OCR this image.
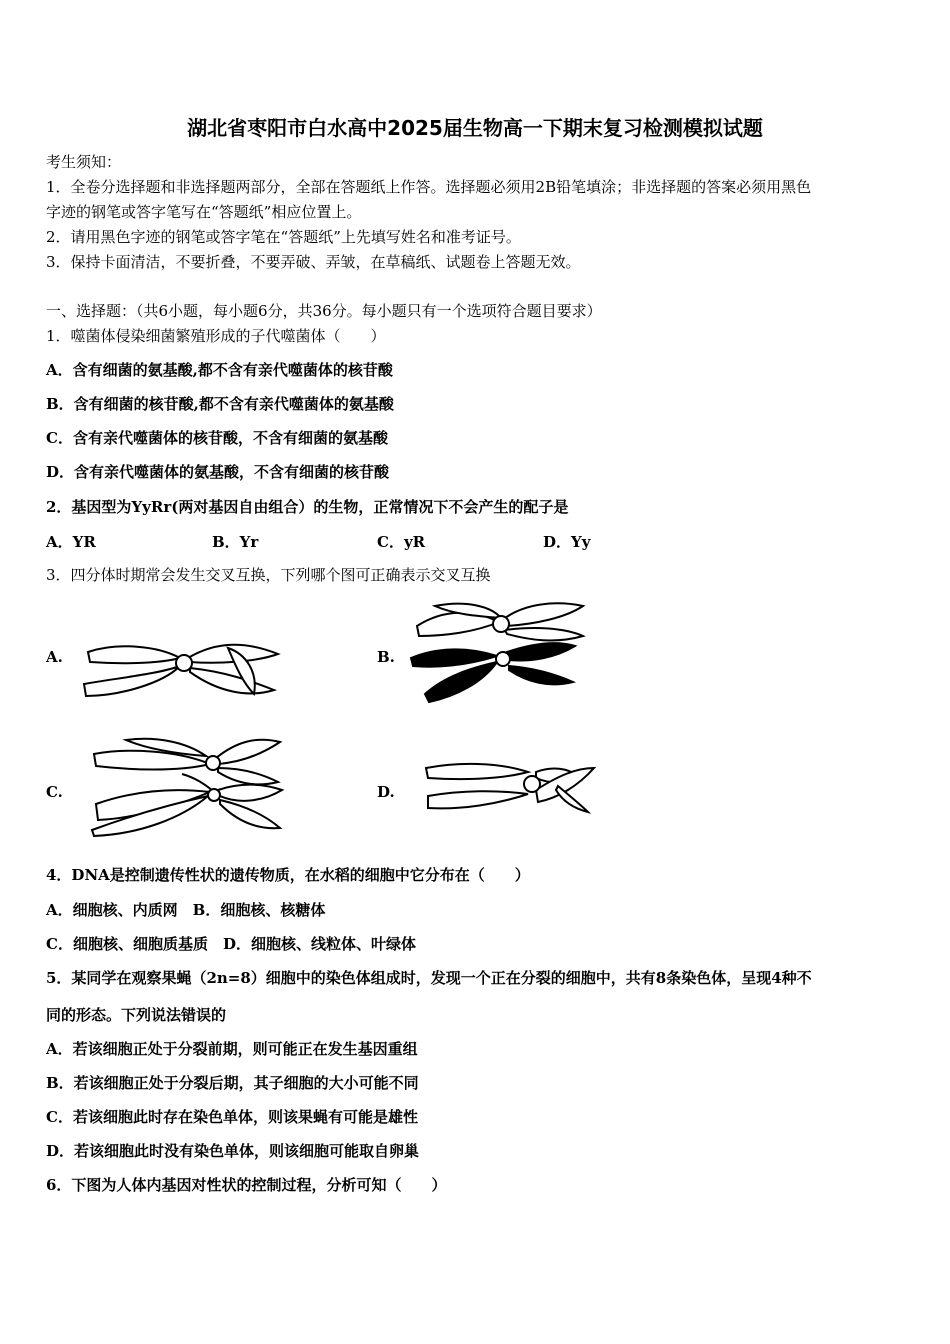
湖北省枣阳市白水高中2025届生物高一下期末复习检测模拟试题
考生须知：
1．全卷分选择题和非选择题两部分，全部在答题纸上作答。选择题必须用2B铅笔填涂；非选择题的答案必须用黑色
字迹的钢笔或答字笔写在“答题纸”相应位置上。
2．请用黑色字迹的钢笔或答字笔在“答题纸”上先填写姓名和准考证号。
3．保持卡面清洁，不要折叠，不要弄破、弄皱，在草稿纸、试题卷上答题无效。
一、选择题：（共6小题，每小题6分，共36分。每小题只有一个选项符合题目要求）
1．噬菌体侵染细菌繁殖形成的子代噬菌体（　　）
A．含有细菌的氨基酸,都不含有亲代噬菌体的核苷酸
B．含有细菌的核苷酸,都不含有亲代噬菌体的氨基酸
C．含有亲代噬菌体的核苷酸，不含有细菌的氨基酸
D．含有亲代噬菌体的氨基酸，不含有细菌的核苷酸
2．基因型为YyRr(两对基因自由组合）的生物，正常情况下不会产生的配子是
A．YR	B．Yr	C．yR	D．Yy
3．四分体时期常会发生交叉互换，下列哪个图可正确表示交叉互换
A.	B.
C.	D.
4．DNA是控制遗传性状的遗传物质，在水稻的细胞中它分布在（　　）
A．细胞核、内质网　B．细胞核、核糖体
C．细胞核、细胞质基质　D．细胞核、线粒体、叶绿体
5．某同学在观察果蝇（2n=8）细胞中的染色体组成时，发现一个正在分裂的细胞中，共有8条染色体，呈现4种不
同的形态。下列说法错误的
A．若该细胞正处于分裂前期，则可能正在发生基因重组
B．若该细胞正处于分裂后期，其子细胞的大小可能不同
C．若该细胞此时存在染色单体，则该果蝇有可能是雄性
D．若该细胞此时没有染色单体，则该细胞可能取自卵巢
6．下图为人体内基因对性状的控制过程，分析可知（　　）
